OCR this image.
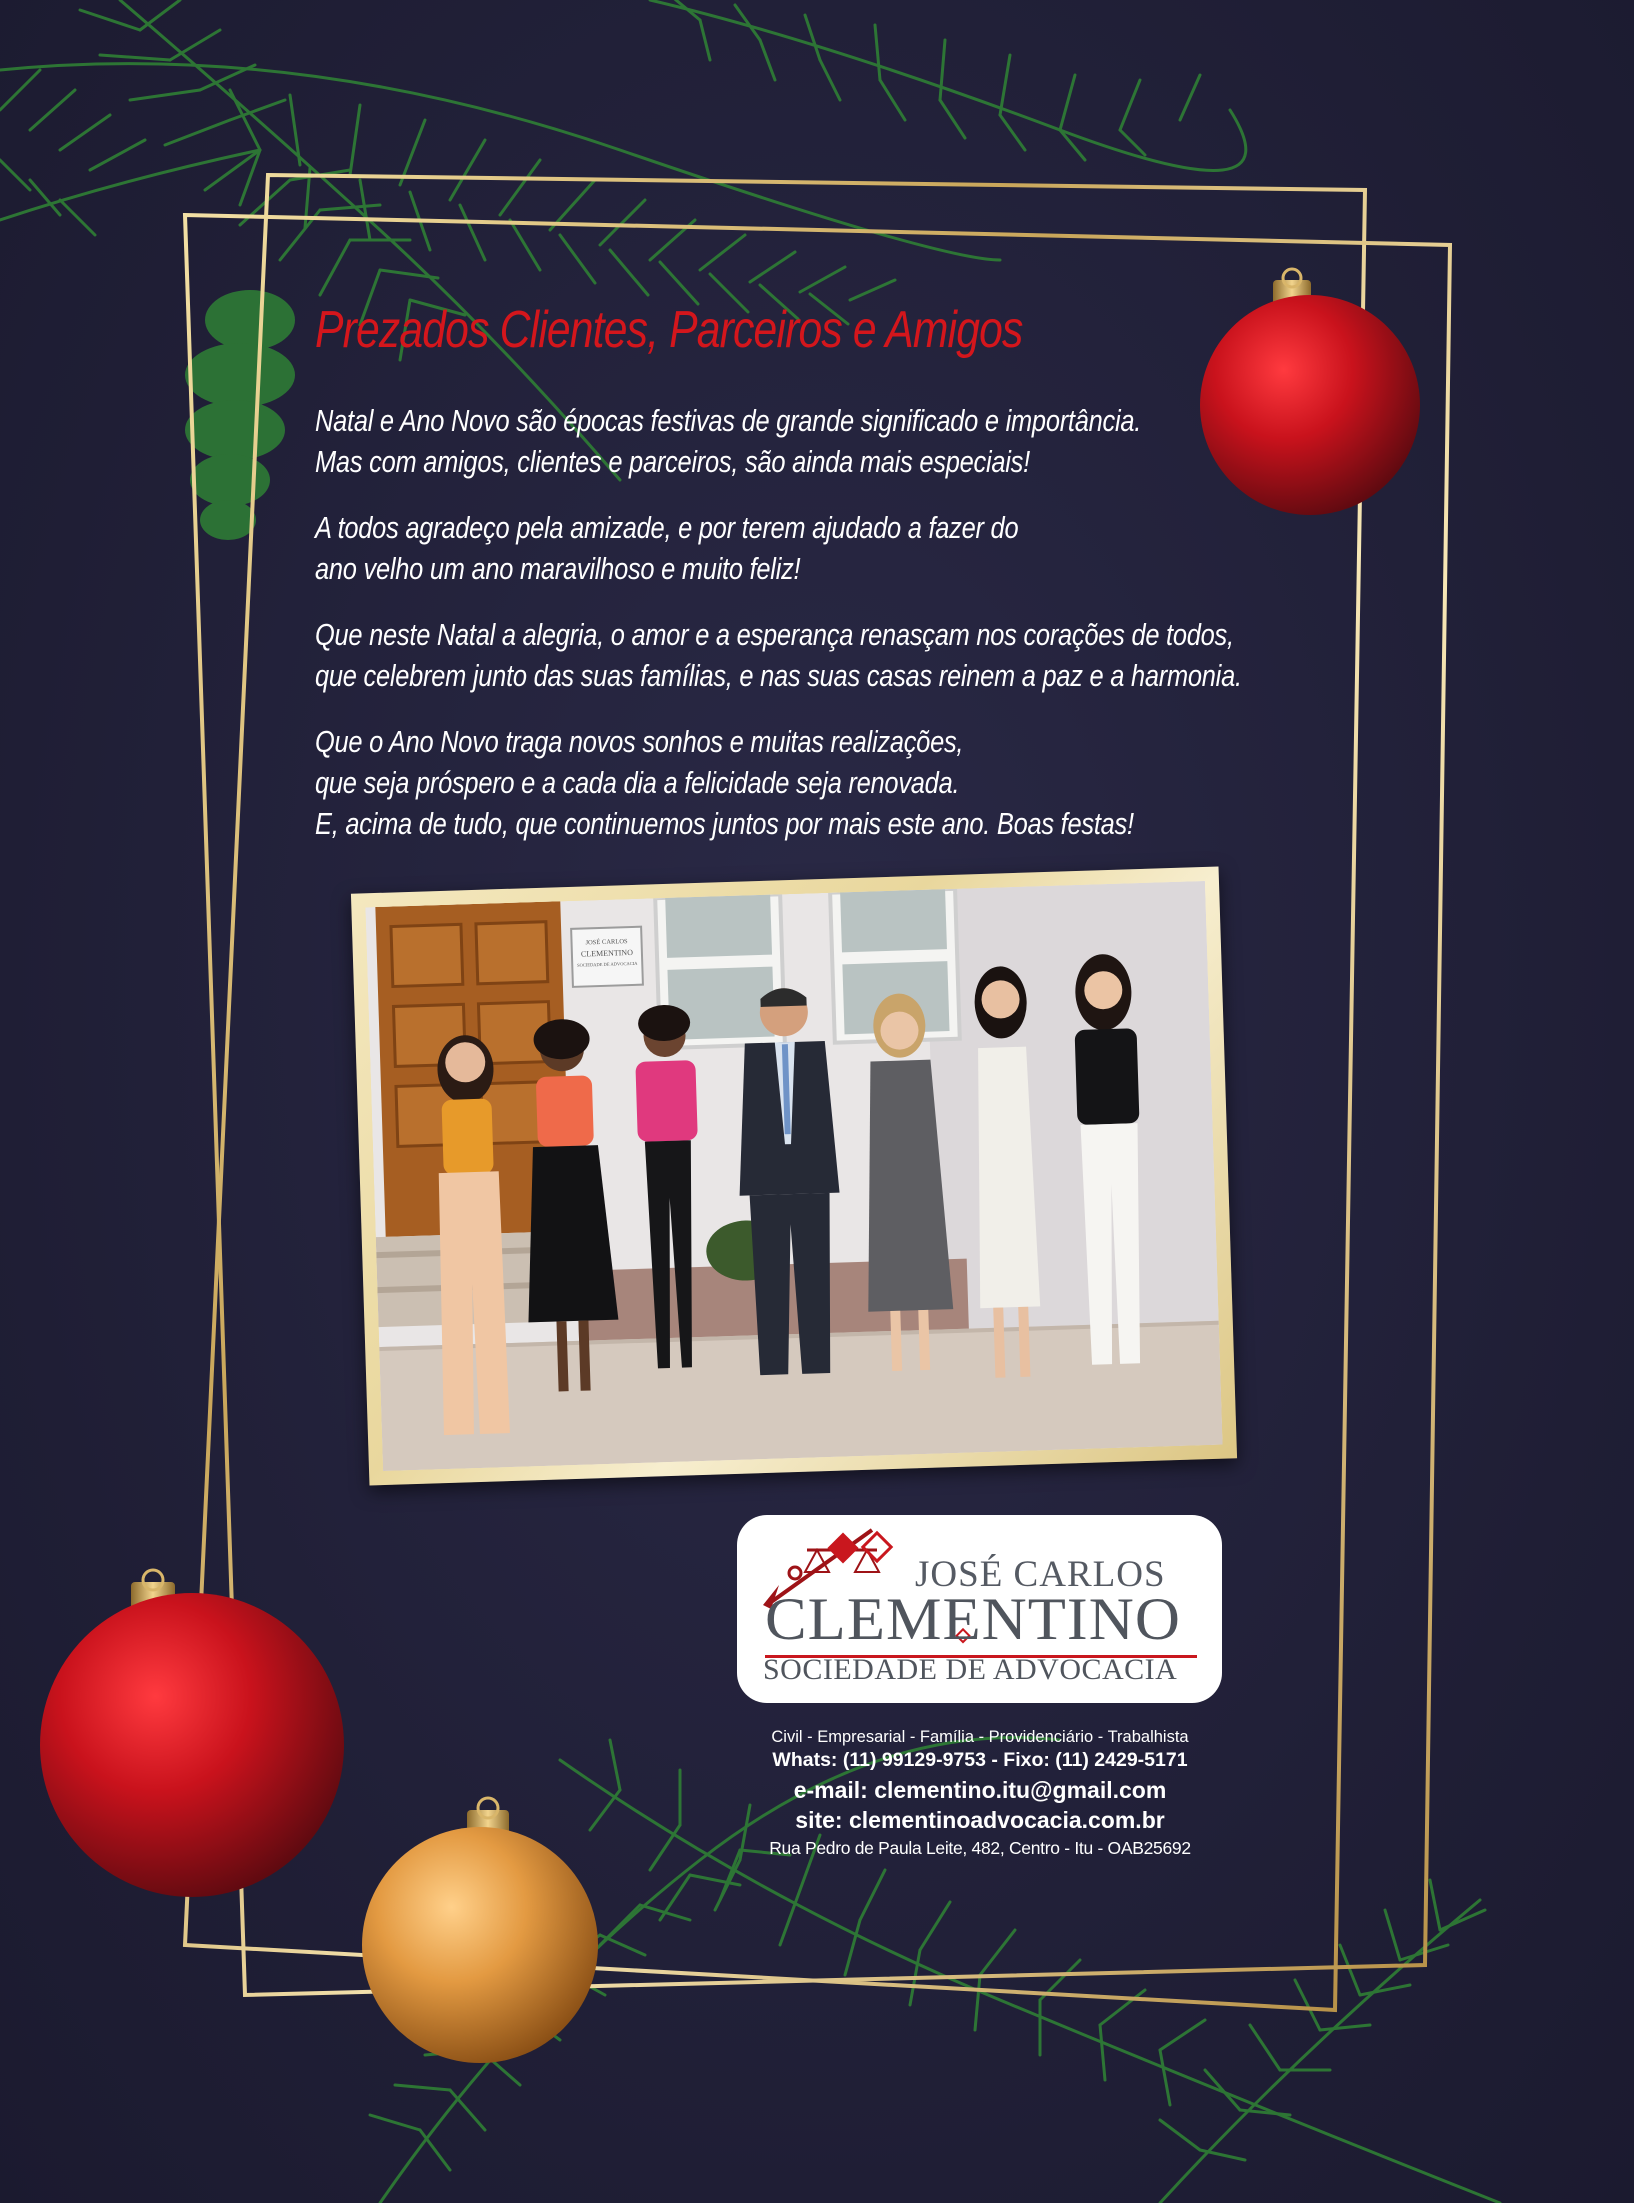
Prezados Clientes, Parceiros e Amigos
Natal e Ano Novo são épocas festivas de grande significado e importância.
Mas com amigos, clientes e parceiros, são ainda mais especiais!
A todos agradeço pela amizade, e por terem ajudado a fazer do
ano velho um ano maravilhoso e muito feliz!
Que neste Natal a alegria, o amor e a esperança renasçam nos corações de todos,
que celebrem junto das suas famílias, e nas suas casas reinem a paz e a harmonia.
Que o Ano Novo traga novos sonhos e muitas realizações,
que seja próspero e a cada dia a felicidade seja renovada.
E, acima de tudo, que continuemos juntos por mais este ano. Boas festas!
JOSÉ CARLOS
CLEMENTINO
SOCIEDADE DE ADVOCACIA
JOSÉ CARLOS
CLEMENTINO
SOCIEDADE DE ADVOCACIA
Civil - Empresarial - Família - Providenciário - Trabalhista
Whats: (11) 99129-9753 - Fixo: (11) 2429-5171
e-mail: clementino.itu@gmail.com
site: clementinoadvocacia.com.br
Rua Pedro de Paula Leite, 482, Centro - Itu - OAB25692
